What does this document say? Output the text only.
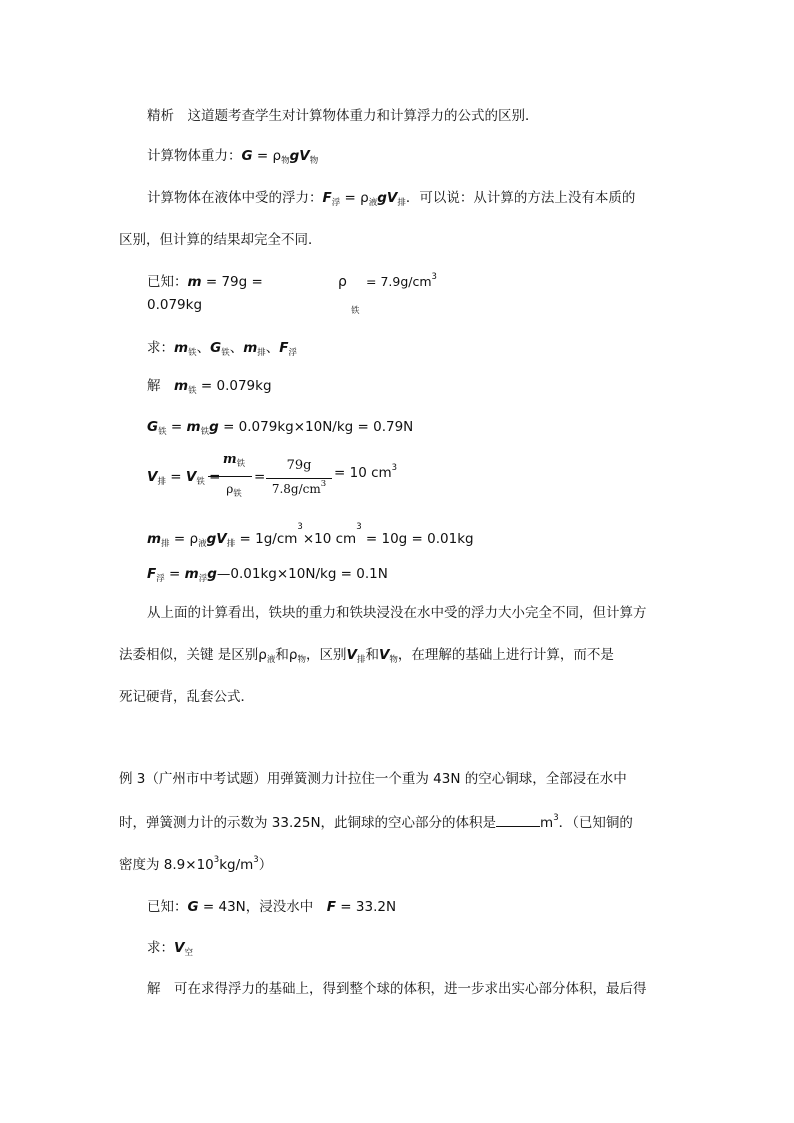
精析　这道题考查学生对计算物体重力和计算浮力的公式的区别．
计算物体重力：$G = \rho_物gV_物$
计算物体在液体中受的浮力：$F_浮 = \rho_液gV_排$．可以说：从计算的方法上没有本质的
区别，但计算的结果却完全不同．
已知：m = 79g =
0.079kg
$\rho = 7.9g/cm^3$
铁
求：$m_铁$、$G_铁$、$m_排$、$F_浮$
解　$m_铁 = 0.079kg$
$G_铁 = m_铁g = 0.079kg\times 10N/kg = 0.79N$
$V_排 = V_铁$ =
$m_铁$
$\rho_铁$
=
79g
$7.8g/cm^3$
= 10 $cm^3$
$m_排 = \rho_液gV_排 = 1g/cm^3\times 10$ $cm^3 = 10g = 0.01kg$
$F_浮$ = $m_浮g—0.01kg\times 10N/kg = 0.1N$
从上面的计算看出，铁块的重力和铁块浸没在水中受的浮力大小完全不同，但计算方
法委相似，关键 是区别$\rho_液$和$\rho_物$，区别$V_排$和$V_物$，在理解的基础上进行计算，而不是
死记硬背，乱套公式．
例 3（广州市中考试题）用弹簧测力计拉住一个重为 43N 的空心铜球，全部浸在水中
时，弹簧测力计的示数为 33.25N，此铜球的空心部分的体积是	$m^3$．（已知铜的
密度为 $8.9\times 10^3kg/m^3$）
已知：G = 43N，浸没水中　F = 33.2N
求：$V_空$
解　可在求得浮力的基础上，得到整个球的体积，进一步求出实心部分体积，最后得
